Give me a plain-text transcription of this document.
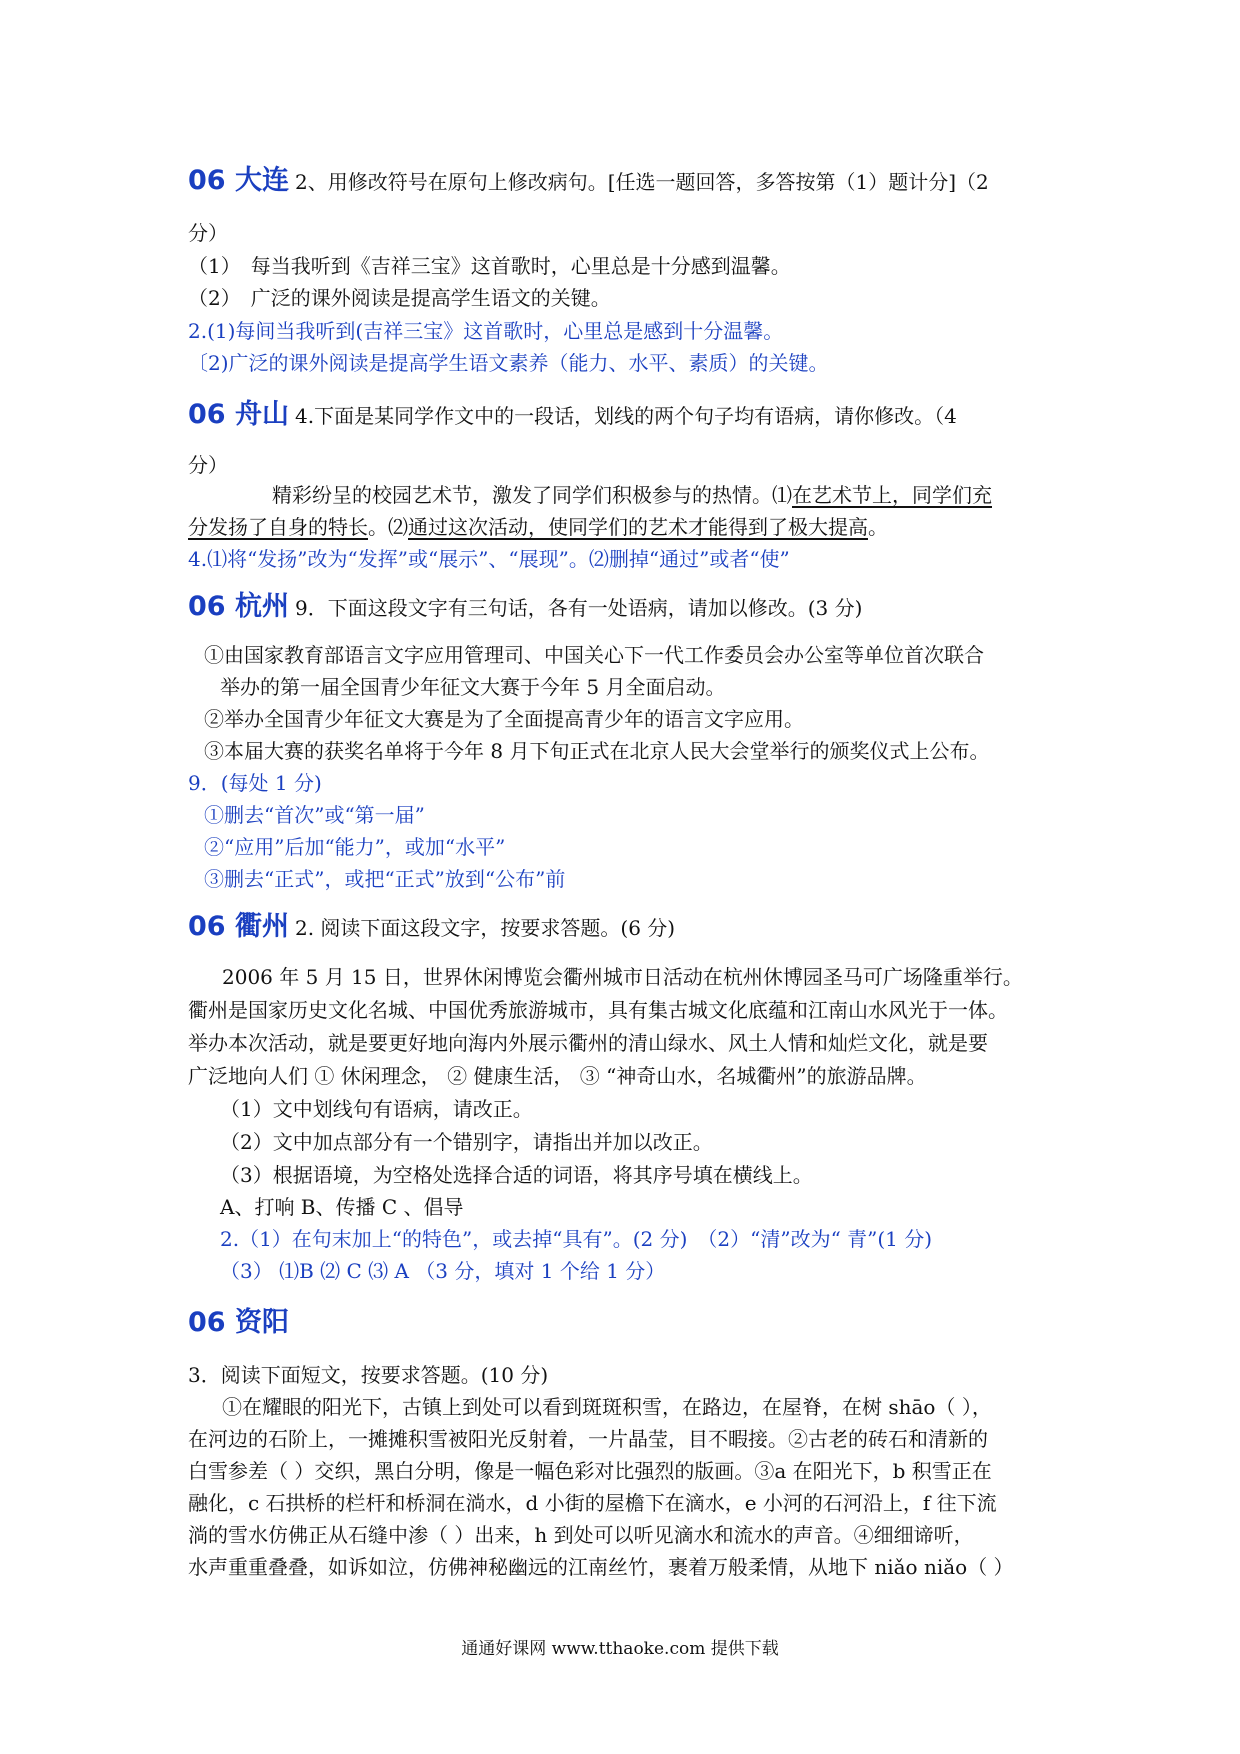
06 大连 2、用修改符号在原句上修改病句。[任选一题回答，多答按第（1）题计分]（2
分）
（1）　每当我听到《吉祥三宝》这首歌时，心里总是十分感到温馨。
（2）　广泛的课外阅读是提高学生语文的关键。
2.(1)每间当我听到(吉祥三宝》这首歌时，心里总是感到十分温馨。
〔2)广泛的课外阅读是提高学生语文素养（能力、水平、素质）的关键。
06 舟山 4.下面是某同学作文中的一段话，划线的两个句子均有语病，请你修改。（4
分）
精彩纷呈的校园艺术节，激发了同学们积极参与的热情。⑴在艺术节上，同学们充
分发扬了自身的特长。⑵通过这次活动，使同学们的艺术才能得到了极大提高。
4.⑴将“发扬”改为“发挥”或“展示”、“展现”。⑵删掉“通过”或者“使”
06 杭州 9．下面这段文字有三句话，各有一处语病，请加以修改。(3 分)
①由国家教育部语言文字应用管理司、中国关心下一代工作委员会办公室等单位首次联合
举办的第一届全国青少年征文大赛于今年 5 月全面启动。
②举办全国青少年征文大赛是为了全面提高青少年的语言文字应用。
③本届大赛的获奖名单将于今年 8 月下旬正式在北京人民大会堂举行的颁奖仪式上公布。
9．(每处 1 分)
①删去“首次”或“第一届”
②“应用”后加“能力”，或加“水平”
③删去“正式”，或把“正式”放到“公布”前
06 衢州 2. 阅读下面这段文字，按要求答题。(6 分)
2006 年 5 月 15 日，世界休闲博览会衢州城市日活动在杭州休博园圣马可广场隆重举行。
衢州是国家历史文化名城、中国优秀旅游城市，具有集古城文化底蕴和江南山水风光于一体。
举办本次活动，就是要更好地向海内外展示衢州的清山绿水、风土人情和灿烂文化，就是要
广泛地向人们 ① 休闲理念， ② 健康生活， ③ “神奇山水，名城衢州”的旅游品牌。
（1）文中划线句有语病，请改正。
（2）文中加点部分有一个错别字，请指出并加以改正。
（3）根据语境，为空格处选择合适的词语，将其序号填在横线上。
A、打响 B、传播 C 、倡导
2.（1）在句末加上“的特色”，或去掉“具有”。(2 分)　（2）“清”改为“ 青”(1 分)
（3） ⑴B ⑵ C ⑶ A （3 分，填对 1 个给 1 分）
06 资阳
3．阅读下面短文，按要求答题。(10 分)
①在耀眼的阳光下，古镇上到处可以看到斑斑积雪，在路边，在屋脊，在树 shāo（ ），
在河边的石阶上，一摊摊积雪被阳光反射着，一片晶莹，目不暇接。②古老的砖石和清新的
白雪参差（ ）交织，黑白分明，像是一幅色彩对比强烈的版画。③a 在阳光下，b 积雪正在
融化，c 石拱桥的栏杆和桥洞在淌水，d 小街的屋檐下在滴水，e 小河的石河沿上，f 往下流
淌的雪水仿佛正从石缝中渗（ ）出来，h 到处可以听见滴水和流水的声音。④细细谛听，
水声重重叠叠，如诉如泣，仿佛神秘幽远的江南丝竹，裹着万般柔情，从地下 niǎo niǎo（ ）
通通好课网 www.tthaoke.com 提供下载
